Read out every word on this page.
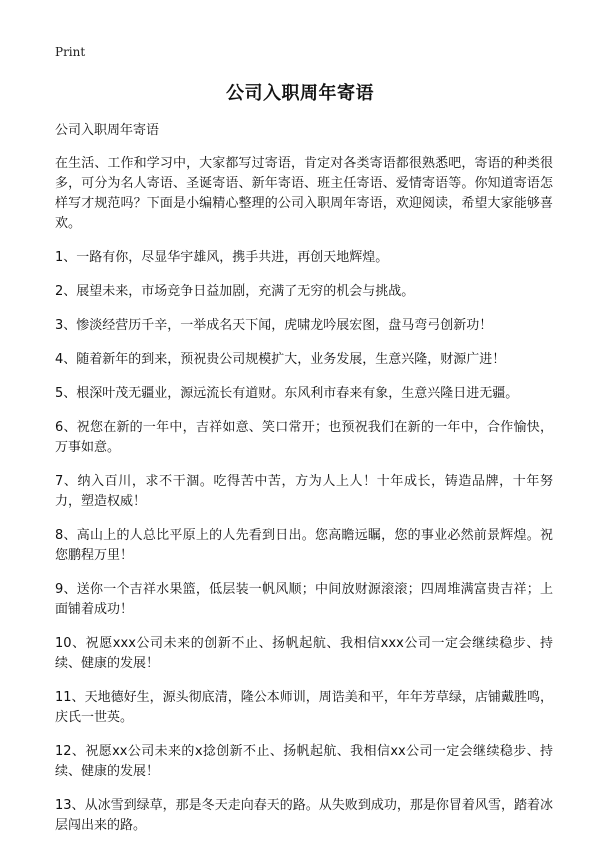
Print
公司入职周年寄语

公司入职周年寄语

在生活、工作和学习中，大家都写过寄语，肯定对各类寄语都很熟悉吧，寄语的种类很多，可分为名人寄语、圣诞寄语、新年寄语、班主任寄语、爱情寄语等。你知道寄语怎样写才规范吗？下面是小编精心整理的公司入职周年寄语，欢迎阅读，希望大家能够喜欢。

1、一路有你，尽显华宇雄风，携手共进，再创天地辉煌。

2、展望未来，市场竞争日益加剧，充满了无穷的机会与挑战。

3、惨淡经营历千辛，一举成名天下闻，虎啸龙吟展宏图，盘马弯弓创新功！

4、随着新年的到来，预祝贵公司规模扩大，业务发展，生意兴隆，财源广进！

5、根深叶茂无疆业，源远流长有道财。东风利市春来有象，生意兴隆日进无疆。

6、祝您在新的一年中，吉祥如意、笑口常开；也预祝我们在新的一年中，合作愉快，万事如意。

7、纳入百川，求不干涸。吃得苦中苦，方为人上人！十年成长，铸造品牌，十年努力，塑造权威！

8、高山上的人总比平原上的人先看到日出。您高瞻远瞩，您的事业必然前景辉煌。祝您鹏程万里！

9、送你一个吉祥水果篮，低层装一帆风顺；中间放财源滚滚；四周堆满富贵吉祥；上面铺着成功！

10、祝愿xxx公司未来的创新不止、扬帆起航、我相信xxx公司一定会继续稳步、持续、健康的发展！

11、天地德好生，源头彻底清，隆公本师训，周诰美和平，年年芳草绿，店铺戴胜鸣，庆氏一世英。

12、祝愿xx公司未来的x捻创新不止、扬帆起航、我相信xx公司一定会继续稳步、持续、健康的发展！

13、从冰雪到绿草，那是冬天走向春天的路。从失败到成功，那是你冒着风雪，踏着冰层闯出来的路。
